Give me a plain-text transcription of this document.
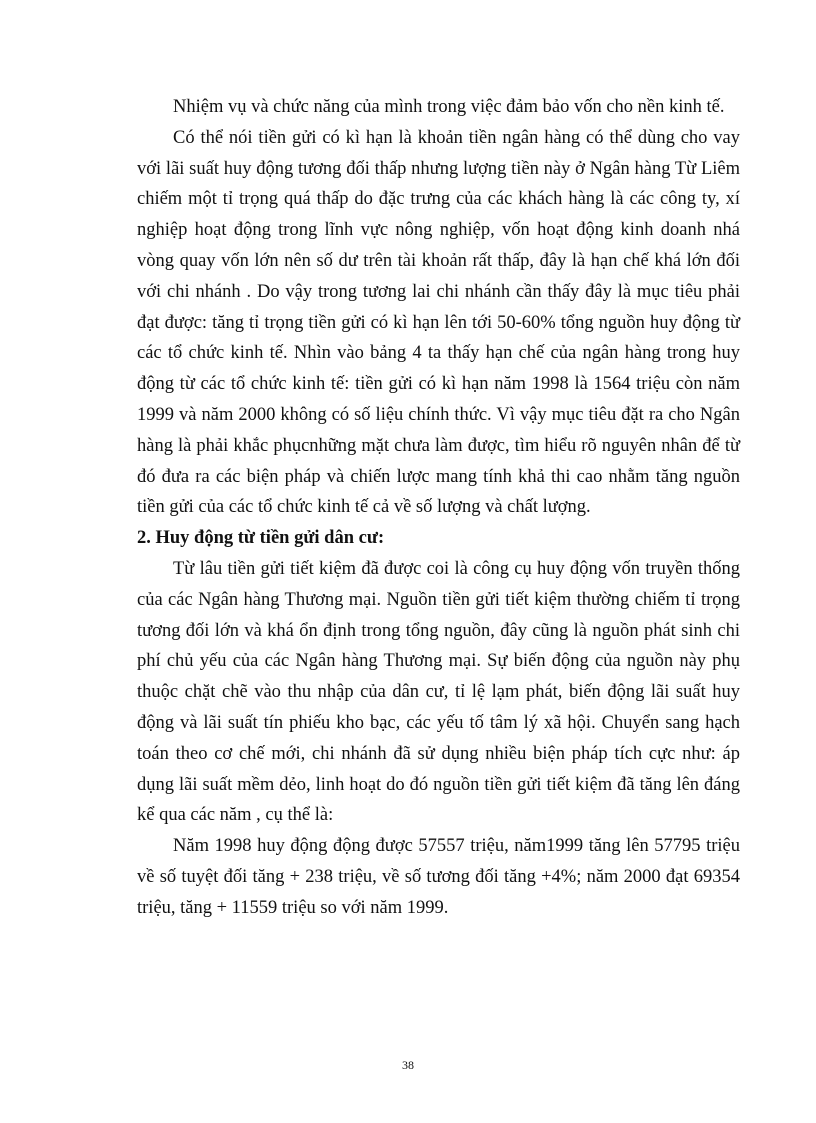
Nhiệm vụ và chức năng của mình trong việc đảm bảo vốn cho nền kinh tế.

Có thể nói tiền gửi có kì hạn là khoản tiền ngân hàng có thể dùng cho vay với lãi suất huy động tương đối thấp nhưng lượng tiền này ở Ngân hàng Từ Liêm chiếm một tỉ trọng quá thấp do đặc trưng của các khách hàng là các công ty, xí nghiệp hoạt động trong lĩnh vực nông nghiệp, vốn hoạt động kinh doanh nhá vòng quay vốn lớn nên số dư trên tài khoản rất thấp, đây là hạn chế khá lớn đối với chi nhánh . Do vậy trong tương lai chi nhánh cần thấy đây là mục tiêu phải đạt được: tăng tỉ trọng tiền gửi có kì hạn lên tới 50-60% tổng nguồn huy động từ các tổ chức kinh tế. Nhìn vào bảng 4 ta thấy hạn chế của ngân hàng trong huy động từ các tổ chức kinh tế: tiền gửi có kì hạn năm 1998 là 1564 triệu còn năm 1999 và năm 2000 không có số liệu chính thức. Vì vậy mục tiêu đặt ra cho Ngân hàng là phải khắc phụcnhững mặt chưa làm được, tìm hiểu rõ nguyên nhân để từ đó đưa ra các biện pháp và chiến lược mang tính khả thi cao nhằm tăng nguồn tiền gửi của các tổ chức kinh tế cả về số lượng và chất lượng.

2. Huy động từ tiền gửi dân cư:

Từ lâu tiền gửi tiết kiệm đã được coi là công cụ huy động vốn truyền thống của các Ngân hàng Thương mại. Nguồn tiền gửi tiết kiệm thường chiếm tỉ trọng tương đối lớn và khá ổn định trong tổng nguồn, đây cũng là nguồn phát sinh chi phí chủ yếu của các Ngân hàng Thương mại. Sự biến động của nguồn này phụ thuộc chặt chẽ vào thu nhập của dân cư, tỉ lệ lạm phát, biến động lãi suất huy động và lãi suất tín phiếu kho bạc, các yếu tố tâm lý xã hội. Chuyển sang hạch toán theo cơ chế mới, chi nhánh đã sử dụng nhiều biện pháp tích cực như: áp dụng lãi suất mềm dẻo, linh hoạt do đó nguồn tiền gửi tiết kiệm đã tăng lên đáng kể qua các năm , cụ thể là:

Năm 1998 huy động động được 57557 triệu, năm1999 tăng lên 57795 triệu về số tuyệt đối tăng + 238 triệu, về số tương đối tăng +4%; năm 2000 đạt 69354 triệu, tăng + 11559 triệu so với năm 1999.

38
